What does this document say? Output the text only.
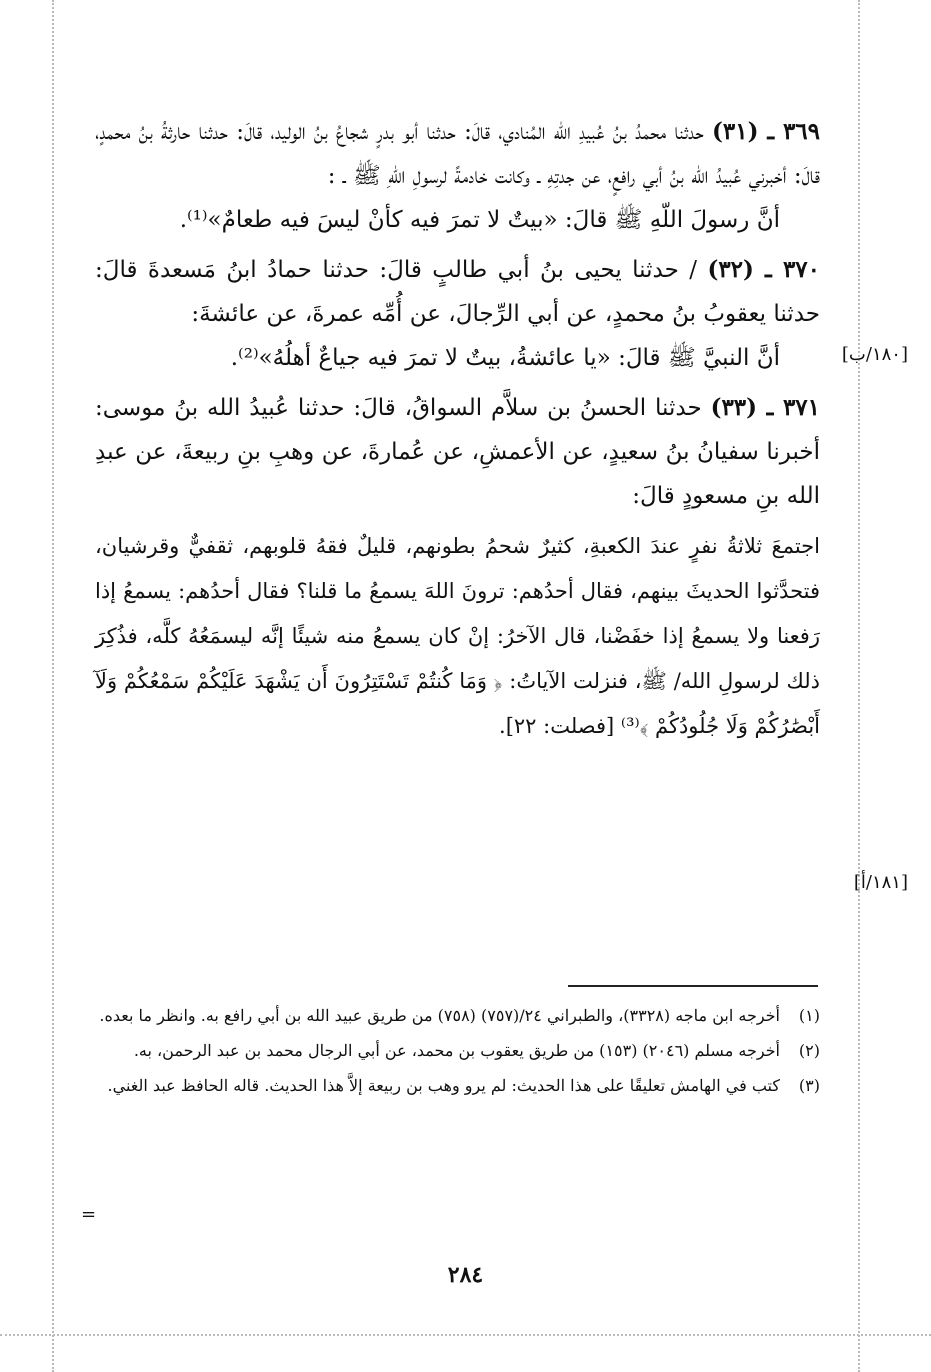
٣٦٩ ـ (٣١) حدثنا محمدُ بنُ عُبيدِ الله المُنادي، قالَ: حدثنا أبو بدرٍ شجاعُ بنُ الوليد، قالَ: حدثنا حارثةُ بنُ محمدٍ، قالَ: أخبرني عُبيدُ اللّه بنُ أبي رافعٍ، عن جدتِهِ ـ وكانت خادمةً لرسولِ اللّهِ ﷺ ـ :
أنَّ رسولَ اللّهِ ﷺ قالَ: «بيتٌ لا تمرَ فيه كأنْ ليسَ فيه طعامٌ»⁽¹⁾.
٣٧٠ ـ (٣٢) / حدثنا يحيى بنُ أبي طالبٍ قالَ: حدثنا حمادُ ابنُ مَسعدةَ قالَ: حدثنا يعقوبُ بنُ محمدٍ، عن أبي الرِّجالَ، عن أُمِّه عمرةَ، عن عائشةَ:
أنَّ النبيَّ ﷺ قالَ: «يا عائشةُ، بيتٌ لا تمرَ فيه جياعٌ أهلُهُ»⁽²⁾.
٣٧١ ـ (٣٣) حدثنا الحسنُ بن سلاَّم السواقُ، قالَ: حدثنا عُبيدُ الله بنُ موسى: أخبرنا سفيانُ بنُ سعيدٍ، عن الأعمشِ، عن عُمارةَ، عن وهبِ بنِ ربيعةَ، عن عبدِ الله بنِ مسعودٍ قالَ:
اجتمعَ ثلاثةُ نفرٍ عندَ الكعبةِ، كثيرٌ شحمُ بطونهم، قليلٌ فقهُ قلوبهم، ثقفيٌّ وقرشيان، فتحدَّثوا الحديثَ بينهم، فقال أحدُهم: ترونَ اللهَ يسمعُ ما قلنا؟ فقال أحدُهم: يسمعُ إذا رَفعنا ولا يسمعُ إذا خفَضْنا، قال الآخرُ: إنْ كان يسمعُ منه شيئًا إنَّه ليسمَعُهُ كلَّه، فذُكِرَ ذلك لرسولِ الله/ ﷺ، فنزلت الآياتُ: ﴿ وَمَا كُنتُمْ تَسْتَتِرُونَ أَن يَشْهَدَ عَلَيْكُمْ سَمْعُكُمْ وَلَآ أَبْصَٰرُكُمْ وَلَا جُلُودُكُمْ ﴾⁽³⁾ [فصلت: ٢٢].
[١٨٠/ب]
[١٨١/أ]
(١)
أخرجه ابن ماجه (٣٣٢٨)، والطبراني ٢٤/(٧٥٧) (٧٥٨) من طريق عبيد الله بن أبي رافع به. وانظر ما بعده.
(٢)
أخرجه مسلم (٢٠٤٦) (١٥٣) من طريق يعقوب بن محمد، عن أبي الرجال محمد بن عبد الرحمن، به.
(٣)
كتب في الهامش تعليقًا على هذا الحديث: لم يرو وهب بن ربيعة إلاَّ هذا الحديث. قاله الحافظ عبد الغني.
=
٢٨٤
